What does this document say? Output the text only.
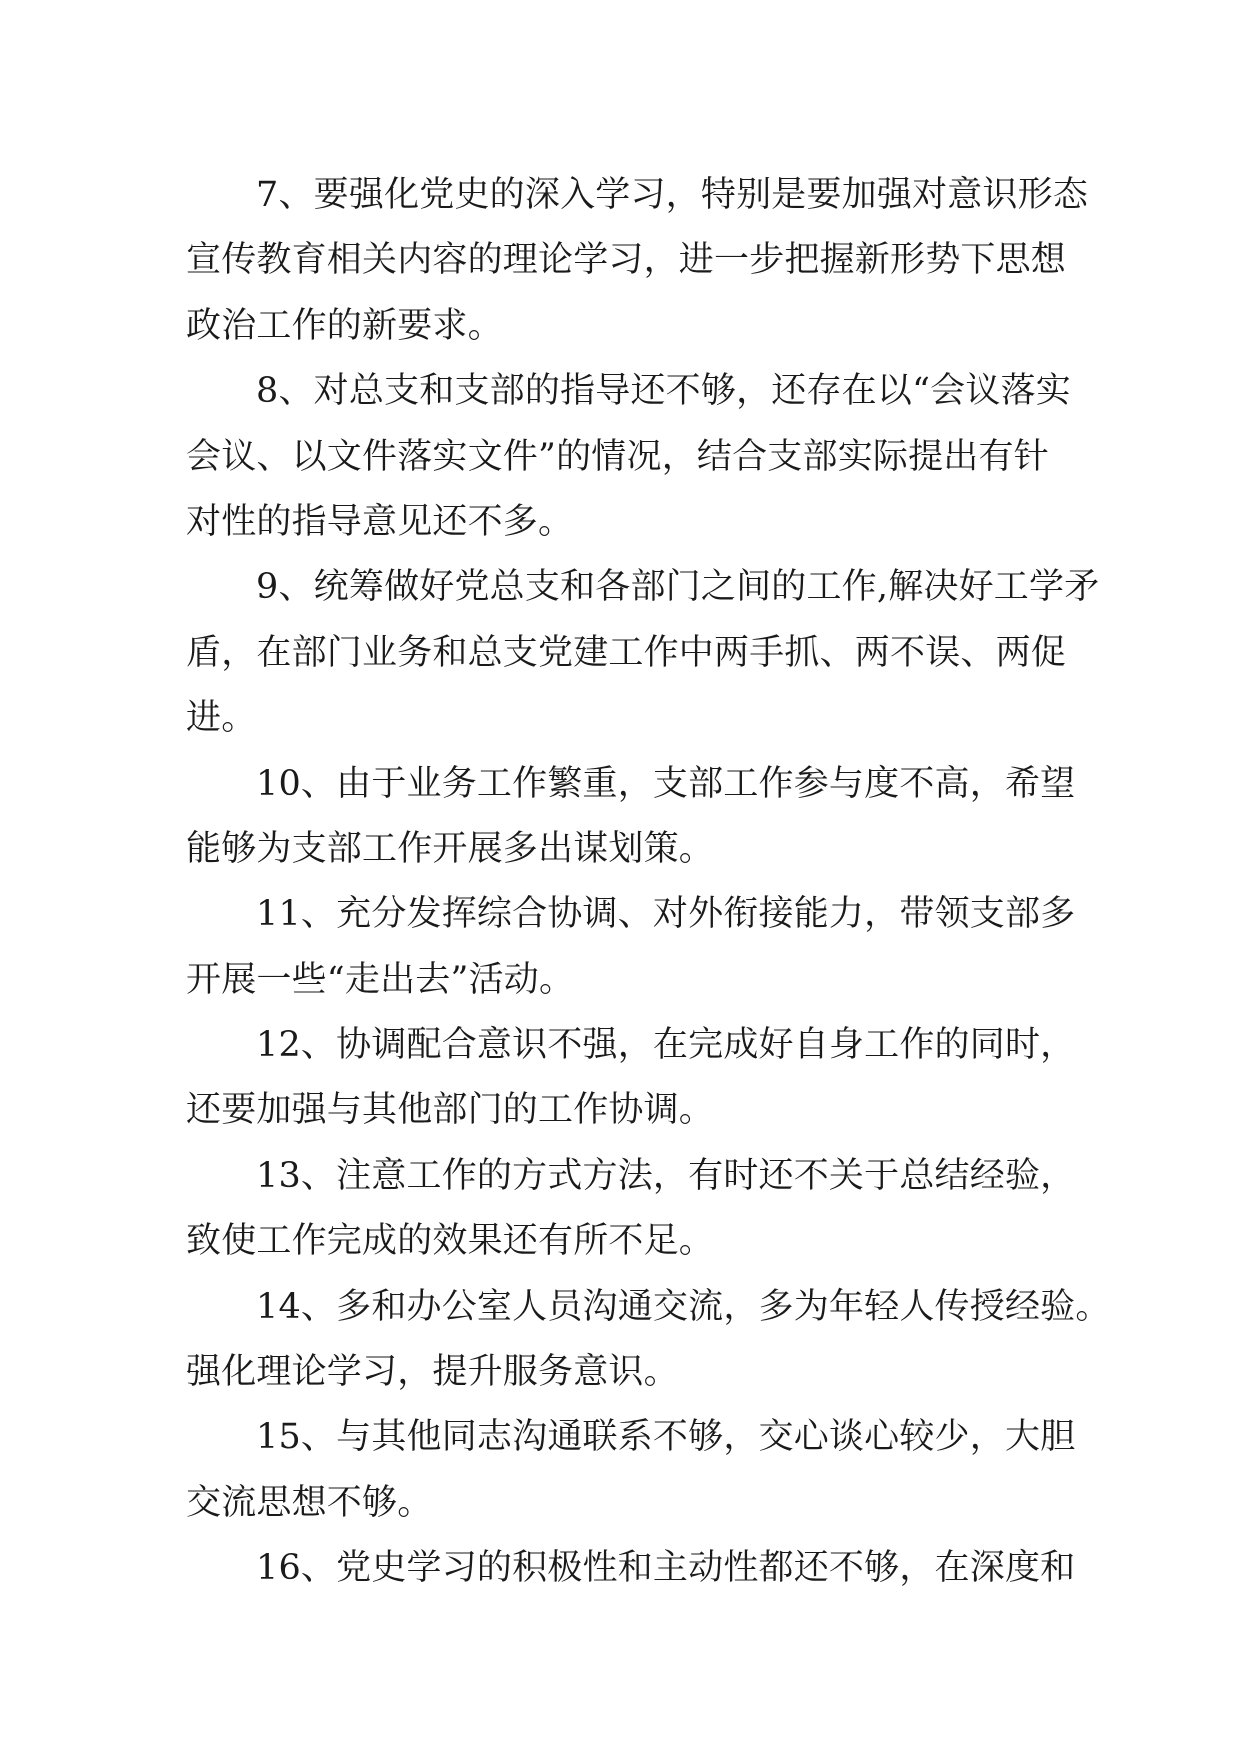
7、要强化党史的深入学习，特别是要加强对意识形态
宣传教育相关内容的理论学习，进一步把握新形势下思想
政治工作的新要求。
8、对总支和支部的指导还不够，还存在以“会议落实
会议、以文件落实文件”的情况，结合支部实际提出有针
对性的指导意见还不多。
9、统筹做好党总支和各部门之间的工作,解决好工学矛
盾，在部门业务和总支党建工作中两手抓、两不误、两促
进。
10、由于业务工作繁重，支部工作参与度不高，希望
能够为支部工作开展多出谋划策。
11、充分发挥综合协调、对外衔接能力，带领支部多
开展一些“走出去”活动。
12、协调配合意识不强，在完成好自身工作的同时，
还要加强与其他部门的工作协调。
13、注意工作的方式方法，有时还不关于总结经验，
致使工作完成的效果还有所不足。
14、多和办公室人员沟通交流，多为年轻人传授经验。
强化理论学习，提升服务意识。
15、与其他同志沟通联系不够，交心谈心较少，大胆
交流思想不够。
16、党史学习的积极性和主动性都还不够，在深度和
